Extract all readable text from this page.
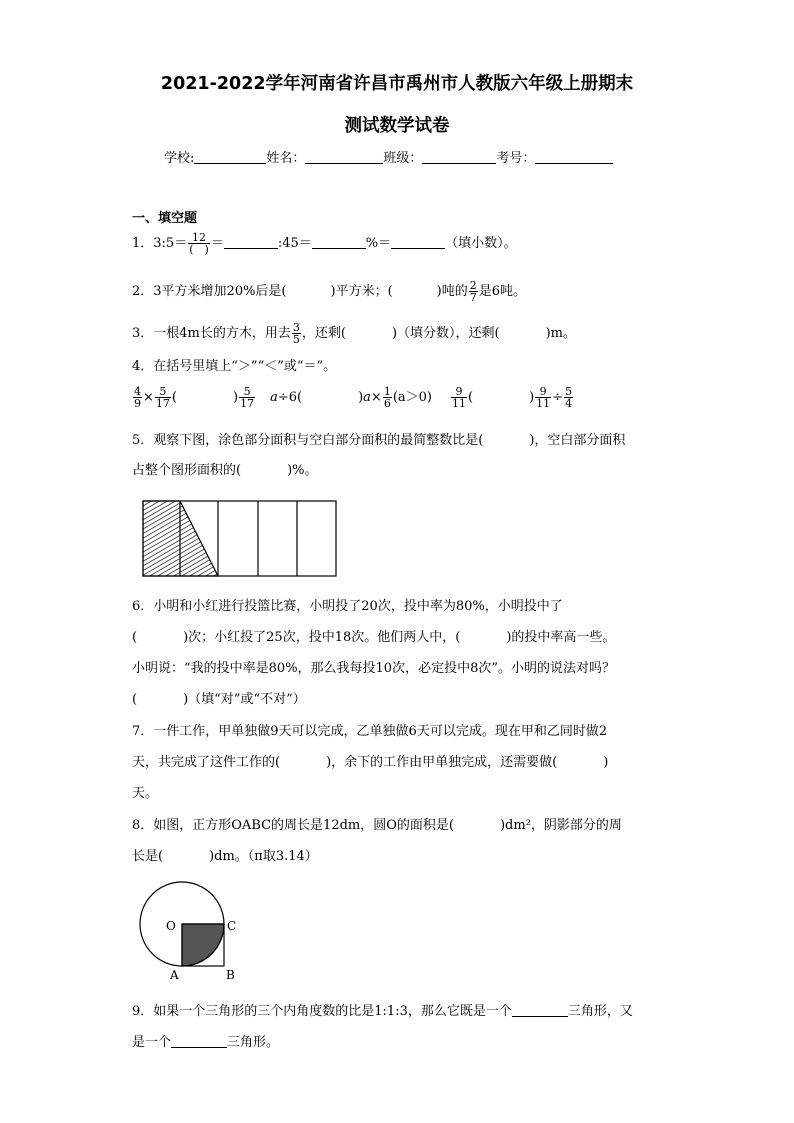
2021-2022学年河南省许昌市禹州市人教版六年级上册期末
测试数学试卷
学校:	姓名：	班级：	考号：
一、填空题
1．3:5＝ $\frac{12}{( )}$ ＝	:45＝	%＝	（填小数）。
2．3平方米增加20%后是(	)平方米；(	)吨的 $\frac{2}{7}$ 是6吨。
3．一根4m长的方木，用去 $\frac{3}{5}$ ，还剩(	)（填分数），还剩(	)m。
4．在括号里填上“＞”“＜”或“＝”。
$\frac{4}{9} \times \frac{5}{17}$ (	) $\frac{5}{17} a\div 6$(	)$a\times \frac{1}{6} (a>0) \frac{9}{11}$ (	) $\frac{9}{11} \div \frac{5}{4}$
5．观察下图，涂色部分面积与空白部分面积的最简整数比是(	)，空白部分面积
占整个图形面积的(	)%。
6．小明和小红进行投篮比赛，小明投了20次，投中率为80%，小明投中了
(	)次；小红投了25次，投中18次。他们两人中，(	)的投中率高一些。
小明说：“我的投中率是80%，那么我每投10次，必定投中8次”。小明的说法对吗？
(	)（填“对”或“不对”）
7．一件工作，甲单独做9天可以完成，乙单独做6天可以完成。现在甲和乙同时做2
天，共完成了这件工作的(	)，余下的工作由甲单独完成，还需要做(	)
天。
8．如图，正方形OABC的周长是12dm，圆O的面积是(	)dm²，阴影部分的周
长是(	)dm。（π取3.14）
O	C
A	B
9．如果一个三角形的三个内角度数的比是1:1:3，那么它既是一个	三角形，又
是一个	三角形。
